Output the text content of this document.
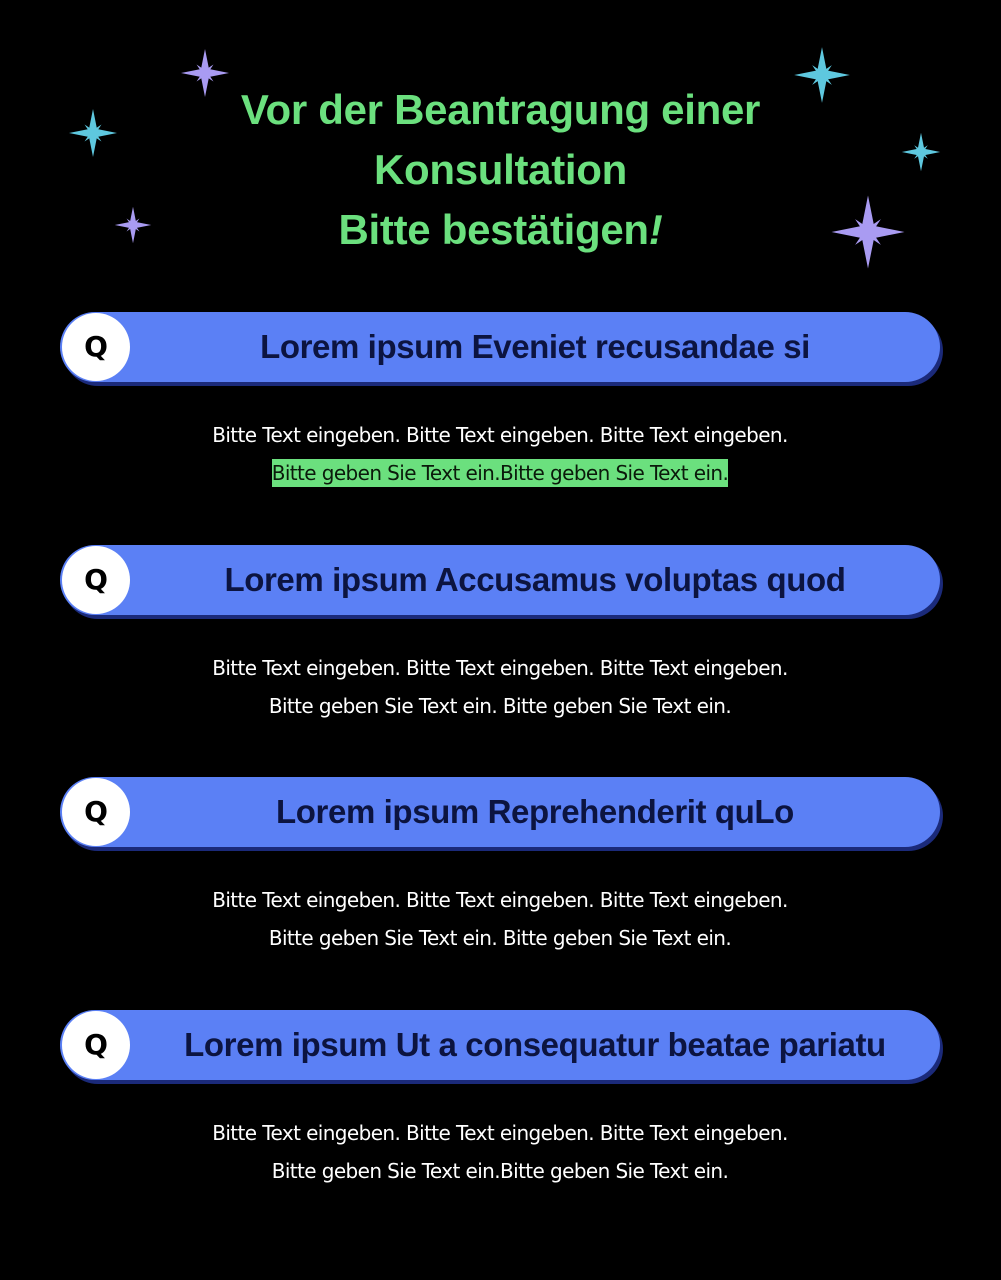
Vor der Beantragung einer
Konsultation
Bitte bestätigen!
Q	Lorem ipsum Eveniet recusandae si
Bitte Text eingeben. Bitte Text eingeben. Bitte Text eingeben.
Bitte geben Sie Text ein.Bitte geben Sie Text ein.
Q	Lorem ipsum Accusamus voluptas quod
Bitte Text eingeben. Bitte Text eingeben. Bitte Text eingeben.
Bitte geben Sie Text ein. Bitte geben Sie Text ein.
Q	Lorem ipsum Reprehenderit quLo
Bitte Text eingeben. Bitte Text eingeben. Bitte Text eingeben.
Bitte geben Sie Text ein. Bitte geben Sie Text ein.
Q	Lorem ipsum Ut a consequatur beatae pariatu
Bitte Text eingeben. Bitte Text eingeben. Bitte Text eingeben.
Bitte geben Sie Text ein.Bitte geben Sie Text ein.
